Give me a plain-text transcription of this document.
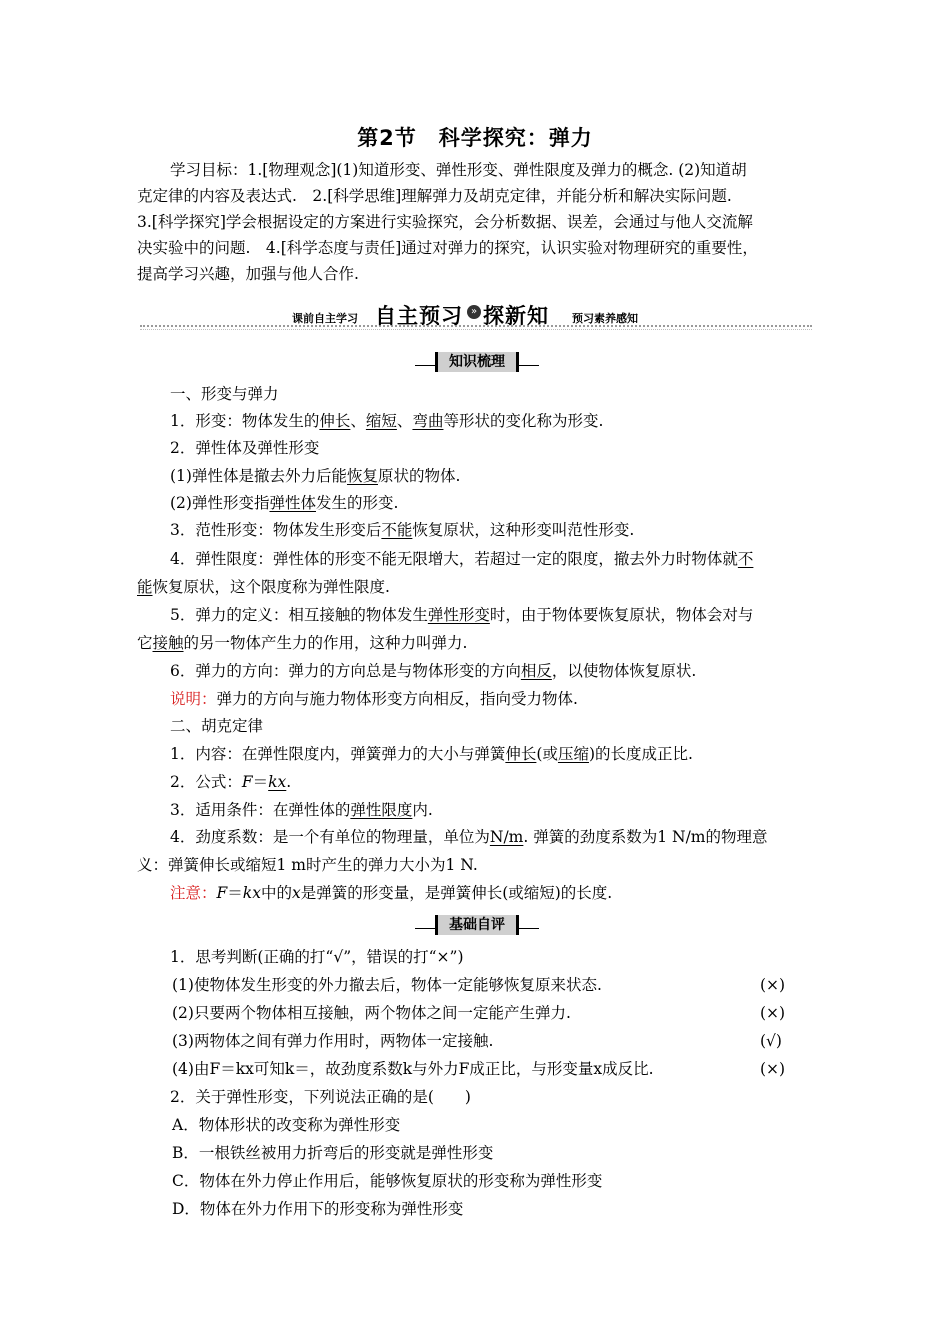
第2节　科学探究：弹力
学习目标：1.[物理观念](1)知道形变、弹性形变、弹性限度及弹力的概念. (2)知道胡
克定律的内容及表达式.　2.[科学思维]理解弹力及胡克定律，并能分析和解决实际问题.
3.[科学探究]学会根据设定的方案进行实验探究，会分析数据、误差，会通过与他人交流解
决实验中的问题.　4.[科学态度与责任]通过对弹力的探究，认识实验对物理研究的重要性，
提高学习兴趣，加强与他人合作.
课前自主学习 自主预习 » 探新知 预习素养感知
知识梳理
一、形变与弹力
1．形变：物体发生的伸长、缩短、弯曲等形状的变化称为形变.
2．弹性体及弹性形变
(1)弹性体是撤去外力后能恢复原状的物体.
(2)弹性形变指弹性体发生的形变.
3．范性形变：物体发生形变后不能恢复原状，这种形变叫范性形变.
4．弹性限度：弹性体的形变不能无限增大，若超过一定的限度，撤去外力时物体就不
能恢复原状，这个限度称为弹性限度.
5．弹力的定义：相互接触的物体发生弹性形变时，由于物体要恢复原状，物体会对与
它接触的另一物体产生力的作用，这种力叫弹力.
6．弹力的方向：弹力的方向总是与物体形变的方向相反，以使物体恢复原状.
说明：弹力的方向与施力物体形变方向相反，指向受力物体.
二、胡克定律
1．内容：在弹性限度内，弹簧弹力的大小与弹簧伸长(或压缩)的长度成正比.
2．公式：F＝kx.
3．适用条件：在弹性体的弹性限度内.
4．劲度系数：是一个有单位的物理量，单位为N/m. 弹簧的劲度系数为1 N/m的物理意
义：弹簧伸长或缩短1 m时产生的弹力大小为1 N.
注意：F＝kx中的x是弹簧的形变量，是弹簧伸长(或缩短)的长度.
基础自评
1．思考判断(正确的打“√”，错误的打“×”)
(1)使物体发生形变的外力撤去后，物体一定能够恢复原来状态.	(×)
(2)只要两个物体相互接触，两个物体之间一定能产生弹力.	(×)
(3)两物体之间有弹力作用时，两物体一定接触.	(√)
(4)由F＝kx可知k＝，故劲度系数k与外力F成正比，与形变量x成反比.	(×)
2．关于弹性形变，下列说法正确的是(　　)
A．物体形状的改变称为弹性形变
B．一根铁丝被用力折弯后的形变就是弹性形变
C．物体在外力停止作用后，能够恢复原状的形变称为弹性形变
D．物体在外力作用下的形变称为弹性形变
